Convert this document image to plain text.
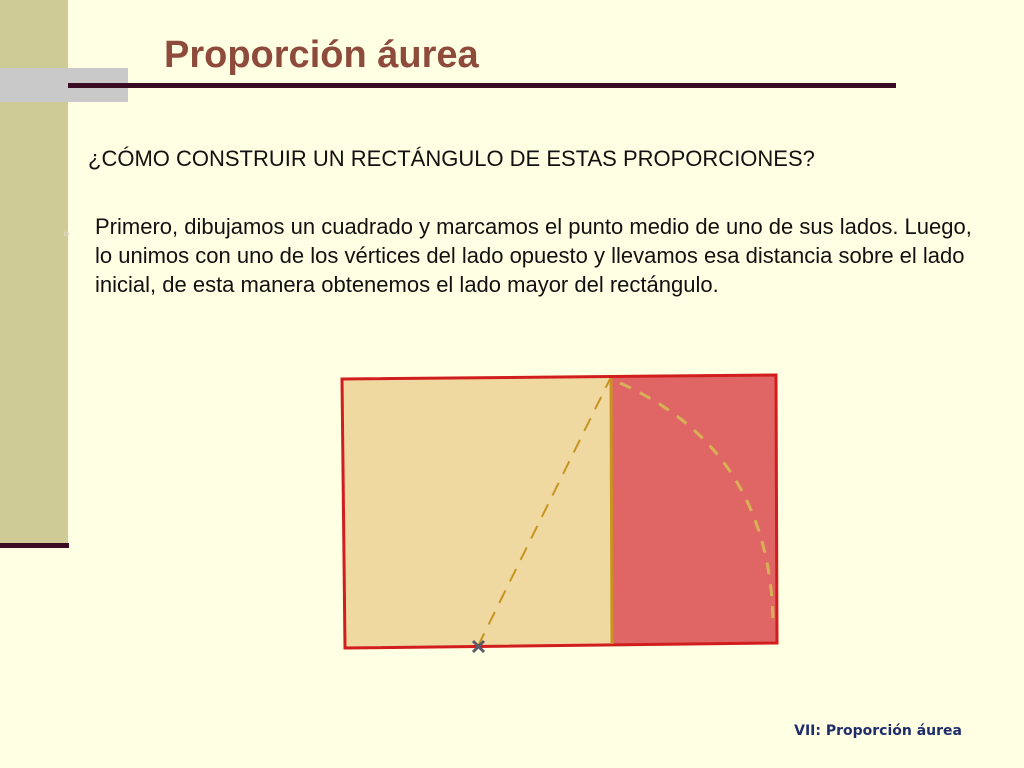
Proporción áurea
¿CÓMO CONSTRUIR UN RECTÁNGULO DE ESTAS PROPORCIONES?
▸ Primero, dibujamos un cuadrado y marcamos el punto medio de uno de sus lados. Luego, lo unimos con uno de los vértices del lado opuesto y llevamos esa distancia sobre el lado inicial, de esta manera obtenemos el lado mayor del rectángulo.
VII: Proporción áurea
